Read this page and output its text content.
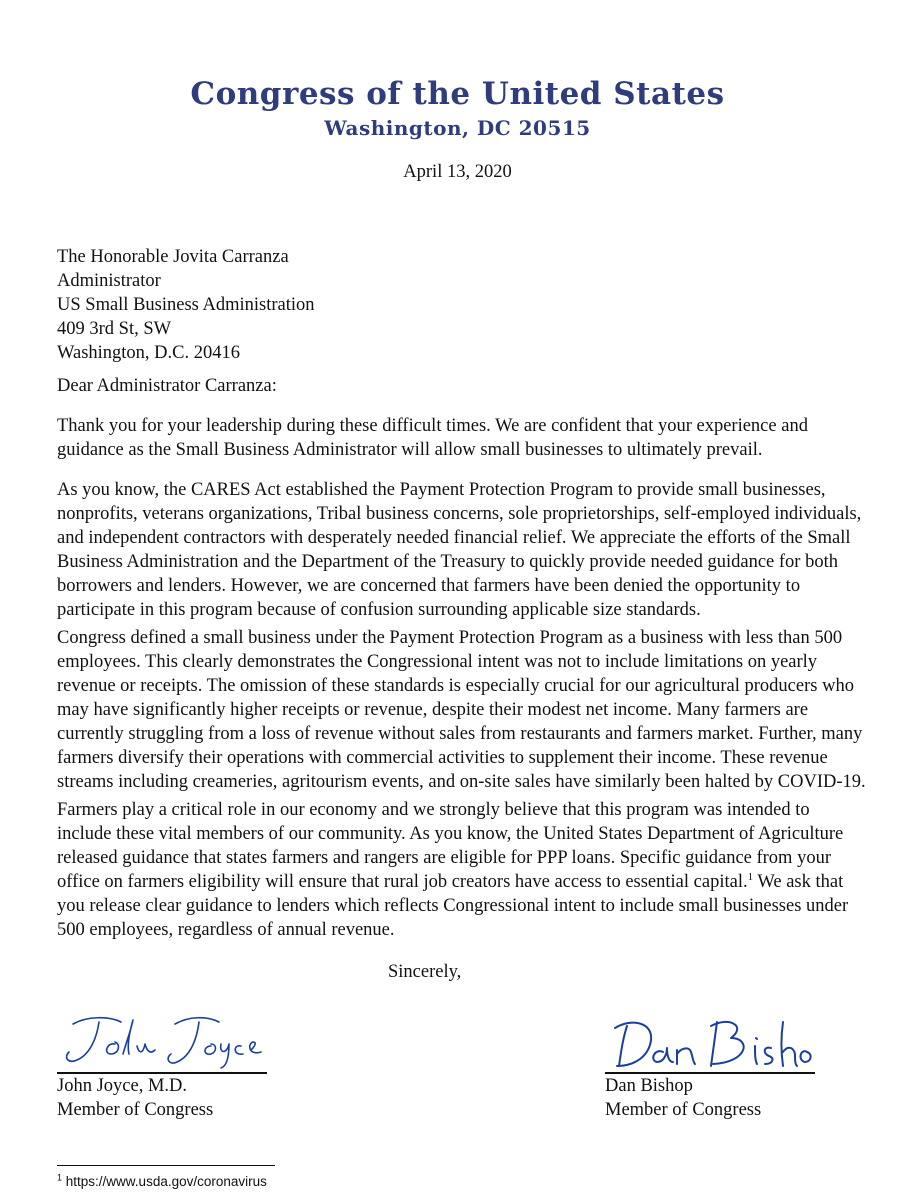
Congress of the United States
Washington, DC 20515
April 13, 2020
The Honorable Jovita Carranza
Administrator
US Small Business Administration
409 3rd St, SW
Washington, D.C. 20416
Dear Administrator Carranza:
Thank you for your leadership during these difficult times. We are confident that your experience and
guidance as the Small Business Administrator will allow small businesses to ultimately prevail.
As you know, the CARES Act established the Payment Protection Program to provide small businesses,
nonprofits, veterans organizations, Tribal business concerns, sole proprietorships, self-employed individuals,
and independent contractors with desperately needed financial relief. We appreciate the efforts of the Small
Business Administration and the Department of the Treasury to quickly provide needed guidance for both
borrowers and lenders. However, we are concerned that farmers have been denied the opportunity to
participate in this program because of confusion surrounding applicable size standards.
Congress defined a small business under the Payment Protection Program as a business with less than 500
employees. This clearly demonstrates the Congressional intent was not to include limitations on yearly
revenue or receipts. The omission of these standards is especially crucial for our agricultural producers who
may have significantly higher receipts or revenue, despite their modest net income. Many farmers are
currently struggling from a loss of revenue without sales from restaurants and farmers market. Further, many
farmers diversify their operations with commercial activities to supplement their income. These revenue
streams including creameries, agritourism events, and on-site sales have similarly been halted by COVID-19.
Farmers play a critical role in our economy and we strongly believe that this program was intended to
include these vital members of our community. As you know, the United States Department of Agriculture
released guidance that states farmers and rangers are eligible for PPP loans. Specific guidance from your
office on farmers eligibility will ensure that rural job creators have access to essential capital.$^1$ We ask that
you release clear guidance to lenders which reflects Congressional intent to include small businesses under
500 employees, regardless of annual revenue.
Sincerely,
John Joyce, M.D.
Member of Congress
Dan Bishop
Member of Congress
$^1$ https://www.usda.gov/coronavirus
